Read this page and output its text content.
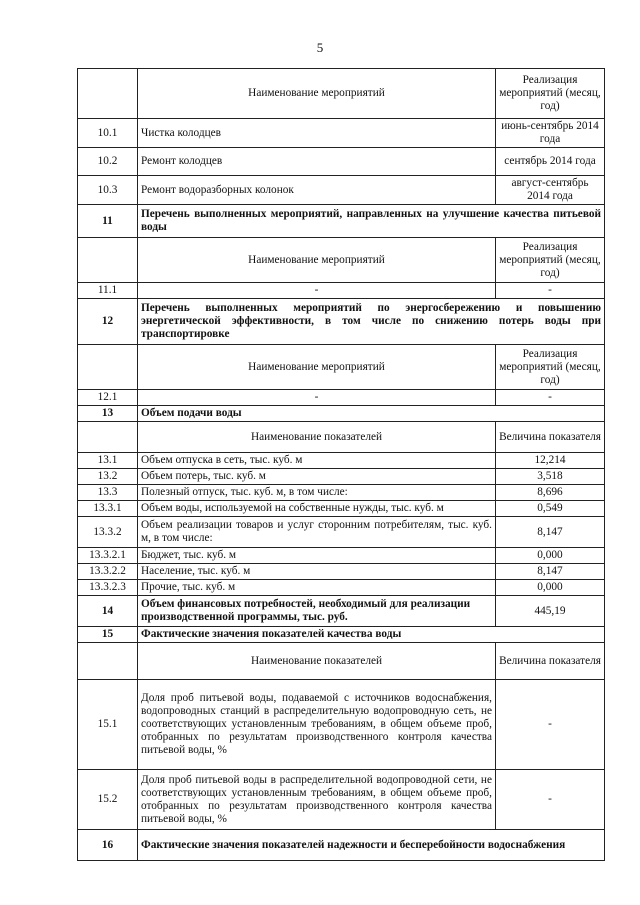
5
	Наименование мероприятий	Реализация мероприятий (месяц, год)
10.1	Чистка колодцев	июнь-сентябрь 2014 года
10.2	Ремонт колодцев	сентябрь 2014 года
10.3	Ремонт водоразборных колонок	август-сентябрь 2014 года
11	Перечень выполненных мероприятий, направленных на улучшение качества питьевой воды	
	Наименование мероприятий	Реализация мероприятий (месяц, год)
11.1	-	-
12	Перечень выполненных мероприятий по энергосбережению и повышению энергетической эффективности, в том числе по снижению потерь воды при транспортировке	
	Наименование мероприятий	Реализация мероприятий (месяц, год)
12.1	-	-
13	Объем подачи воды	
	Наименование показателей	Величина показателя
13.1	Объем отпуска в сеть, тыс. куб. м	12,214
13.2	Объем потерь, тыс. куб. м	3,518
13.3	Полезный отпуск, тыс. куб. м, в том числе:	8,696
13.3.1	Объем воды, используемой на собственные нужды, тыс. куб. м	0,549
13.3.2	Объем реализации товаров и услуг сторонним потребителям, тыс. куб. м, в том числе:	8,147
13.3.2.1	Бюджет, тыс. куб. м	0,000
13.3.2.2	Население, тыс. куб. м	8,147
13.3.2.3	Прочие, тыс. куб. м	0,000
14	Объем финансовых потребностей, необходимый для реализации производственной программы, тыс. руб.	445,19
15	Фактические значения показателей качества воды	
	Наименование показателей	Величина показателя
15.1	Доля проб питьевой воды, подаваемой с источников водоснабжения, водопроводных станций в распределительную водопроводную сеть, не соответствующих установленным требованиям, в общем объеме проб, отобранных по результатам производственного контроля качества питьевой воды, %	-
15.2	Доля проб питьевой воды в распределительной водопроводной сети, не соответствующих установленным требованиям, в общем объеме проб, отобранных по результатам производственного контроля качества питьевой воды, %	-
16	Фактические значения показателей надежности и бесперебойности водоснабжения	
